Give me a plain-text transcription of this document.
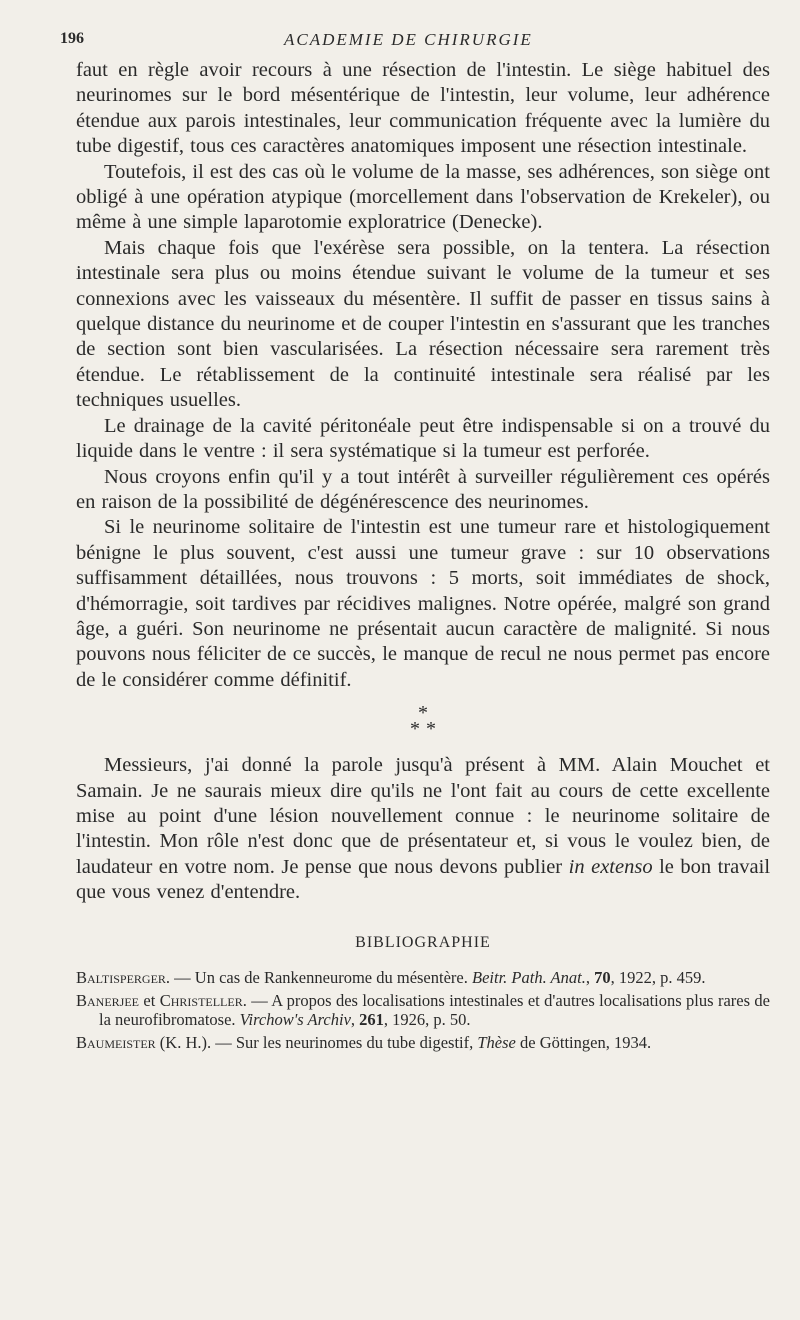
196	ACADEMIE DE CHIRURGIE

faut en règle avoir recours à une résection de l'intestin. Le siège habituel des neurinomes sur le bord mésentérique de l'intestin, leur volume, leur adhérence étendue aux parois intestinales, leur communication fréquente avec la lumière du tube digestif, tous ces caractères anatomiques imposent une résection intestinale.

Toutefois, il est des cas où le volume de la masse, ses adhérences, son siège ont obligé à une opération atypique (morcellement dans l'observation de Krekeler), ou même à une simple laparotomie exploratrice (Denecke).

Mais chaque fois que l'exérèse sera possible, on la tentera. La résection intestinale sera plus ou moins étendue suivant le volume de la tumeur et ses connexions avec les vaisseaux du mésentère. Il suffit de passer en tissus sains à quelque distance du neurinome et de couper l'intestin en s'assurant que les tranches de section sont bien vascularisées. La résection nécessaire sera rarement très étendue. Le rétablissement de la continuité intestinale sera réalisé par les techniques usuelles.

Le drainage de la cavité péritonéale peut être indispensable si on a trouvé du liquide dans le ventre : il sera systématique si la tumeur est perforée.

Nous croyons enfin qu'il y a tout intérêt à surveiller régulièrement ces opérés en raison de la possibilité de dégénérescence des neurinomes.

Si le neurinome solitaire de l'intestin est une tumeur rare et histologiquement bénigne le plus souvent, c'est aussi une tumeur grave : sur 10 observations suffisamment détaillées, nous trouvons : 5 morts, soit immédiates de shock, d'hémorragie, soit tardives par récidives malignes. Notre opérée, malgré son grand âge, a guéri. Son neurinome ne présentait aucun caractère de malignité. Si nous pouvons nous féliciter de ce succès, le manque de recul ne nous permet pas encore de le considérer comme définitif.

*
* *

Messieurs, j'ai donné la parole jusqu'à présent à MM. Alain Mouchet et Samain. Je ne saurais mieux dire qu'ils ne l'ont fait au cours de cette excellente mise au point d'une lésion nouvellement connue : le neurinome solitaire de l'intestin. Mon rôle n'est donc que de présentateur et, si vous le voulez bien, de laudateur en votre nom. Je pense que nous devons publier in extenso le bon travail que vous venez d'entendre.

BIBLIOGRAPHIE
Baltisperger. — Un cas de Rankenneurome du mésentère. Beitr. Path. Anat., 70, 1922, p. 459.
Banerjee et Christeller. — A propos des localisations intestinales et d'autres localisations plus rares de la neurofibromatose. Virchow's Archiv, 261, 1926, p. 50.
Baumeister (K. H.). — Sur les neurinomes du tube digestif, Thèse de Göttingen, 1934.
